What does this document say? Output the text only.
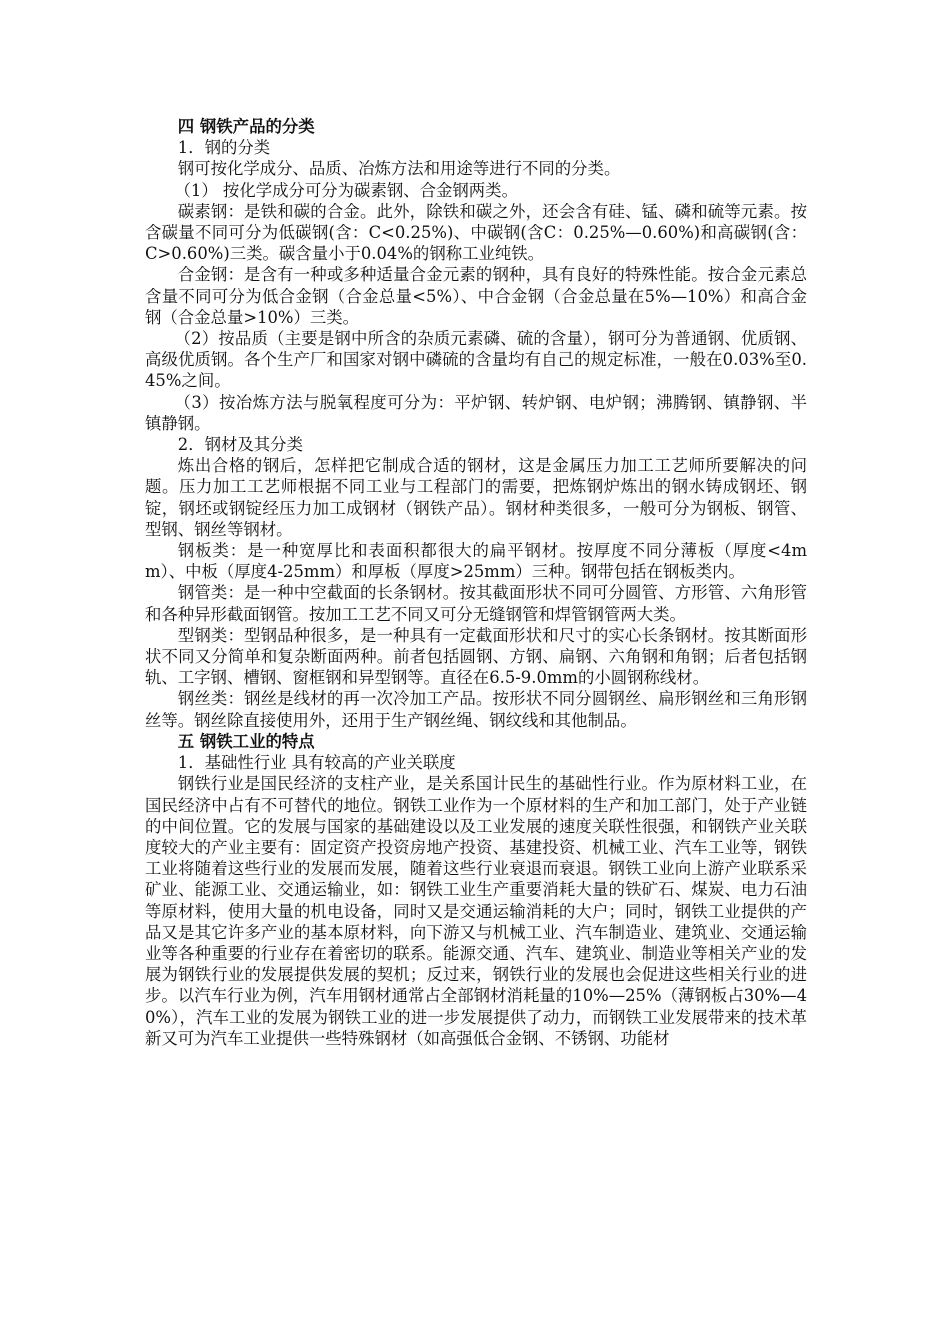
四 钢铁产品的分类

1．钢的分类

钢可按化学成分、品质、冶炼方法和用途等进行不同的分类。

（1） 按化学成分可分为碳素钢、合金钢两类。

碳素钢：是铁和碳的合金。此外，除铁和碳之外，还会含有硅、锰、磷和硫等元素。按含碳量不同可分为低碳钢(含：C<0.25%)、中碳钢(含C：0.25%—0.60%)和高碳钢(含：C>0.60%)三类。碳含量小于0.04%的钢称工业纯铁。

合金钢：是含有一种或多种适量合金元素的钢种，具有良好的特殊性能。按合金元素总含量不同可分为低合金钢（合金总量<5%）、中合金钢（合金总量在5%—10%）和高合金钢（合金总量>10%）三类。

（2）按品质（主要是钢中所含的杂质元素磷、硫的含量），钢可分为普通钢、优质钢、高级优质钢。各个生产厂和国家对钢中磷硫的含量均有自己的规定标准，一般在0.03%至0.45%之间。

（3）按冶炼方法与脱氧程度可分为：平炉钢、转炉钢、电炉钢；沸腾钢、镇静钢、半镇静钢。

2．钢材及其分类

炼出合格的钢后，怎样把它制成合适的钢材，这是金属压力加工工艺师所要解决的问题。压力加工工艺师根据不同工业与工程部门的需要，把炼钢炉炼出的钢水铸成钢坯、钢锭，钢坯或钢锭经压力加工成钢材（钢铁产品）。钢材种类很多，一般可分为钢板、钢管、型钢、钢丝等钢材。

钢板类：是一种宽厚比和表面积都很大的扁平钢材。按厚度不同分薄板（厚度<4mm）、中板（厚度4-25mm）和厚板（厚度>25mm）三种。钢带包括在钢板类内。

钢管类：是一种中空截面的长条钢材。按其截面形状不同可分圆管、方形管、六角形管和各种异形截面钢管。按加工工艺不同又可分无缝钢管和焊管钢管两大类。

型钢类：型钢品种很多，是一种具有一定截面形状和尺寸的实心长条钢材。按其断面形状不同又分简单和复杂断面两种。前者包括圆钢、方钢、扁钢、六角钢和角钢；后者包括钢轨、工字钢、槽钢、窗框钢和异型钢等。直径在6.5-9.0mm的小圆钢称线材。

钢丝类：钢丝是线材的再一次冷加工产品。按形状不同分圆钢丝、扁形钢丝和三角形钢丝等。钢丝除直接使用外，还用于生产钢丝绳、钢纹线和其他制品。

五 钢铁工业的特点

1．基础性行业 具有较高的产业关联度

钢铁行业是国民经济的支柱产业，是关系国计民生的基础性行业。作为原材料工业，在国民经济中占有不可替代的地位。钢铁工业作为一个原材料的生产和加工部门，处于产业链的中间位置。它的发展与国家的基础建设以及工业发展的速度关联性很强，和钢铁产业关联度较大的产业主要有：固定资产投资房地产投资、基建投资、机械工业、汽车工业等，钢铁工业将随着这些行业的发展而发展，随着这些行业衰退而衰退。钢铁工业向上游产业联系采矿业、能源工业、交通运输业，如：钢铁工业生产重要消耗大量的铁矿石、煤炭、电力石油等原材料，使用大量的机电设备，同时又是交通运输消耗的大户；同时，钢铁工业提供的产品又是其它许多产业的基本原材料，向下游又与机械工业、汽车制造业、建筑业、交通运输业等各种重要的行业存在着密切的联系。能源交通、汽车、建筑业、制造业等相关产业的发展为钢铁行业的发展提供发展的契机；反过来，钢铁行业的发展也会促进这些相关行业的进步。以汽车行业为例，汽车用钢材通常占全部钢材消耗量的10%—25%（薄钢板占30%—40%），汽车工业的发展为钢铁工业的进一步发展提供了动力，而钢铁工业发展带来的技术革新又可为汽车工业提供一些特殊钢材（如高强低合金钢、不锈钢、功能材
